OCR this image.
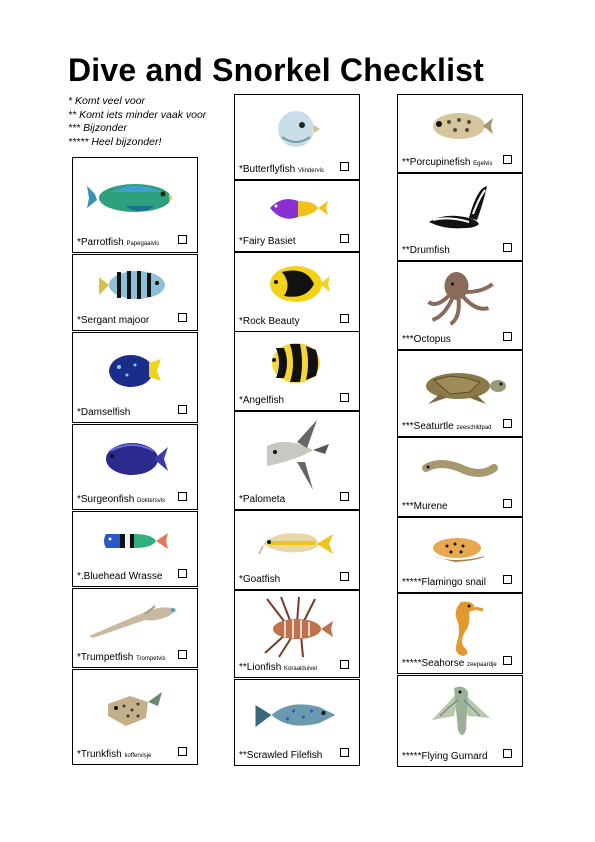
Dive and Snorkel Checklist
* Komt veel voor
** Komt iets minder vaak voor
*** Bijzonder
***** Heel bijzonder!
*Parrotfish Papegaaivis
*Sergant majoor
*Damselfish
*Surgeonfish Doktersvis
*.Bluehead Wrasse
*Trumpetfish Trompetvis
*Trunkfish koffervisje
*Butterflyfish Vlindervis
*Fairy Basiet
*Rock Beauty
*Angelfish
*Palometa
*Goatfish
**Lionfish Koraalduivel
**Scrawled Filefish
**Porcupinefish Egelvis
**Drumfish
***Octopus
***Seaturtle zeeschildpad
***Murene
*****Flamingo snail
*****Seahorse zeepaardje
*****Flying Gurnard
